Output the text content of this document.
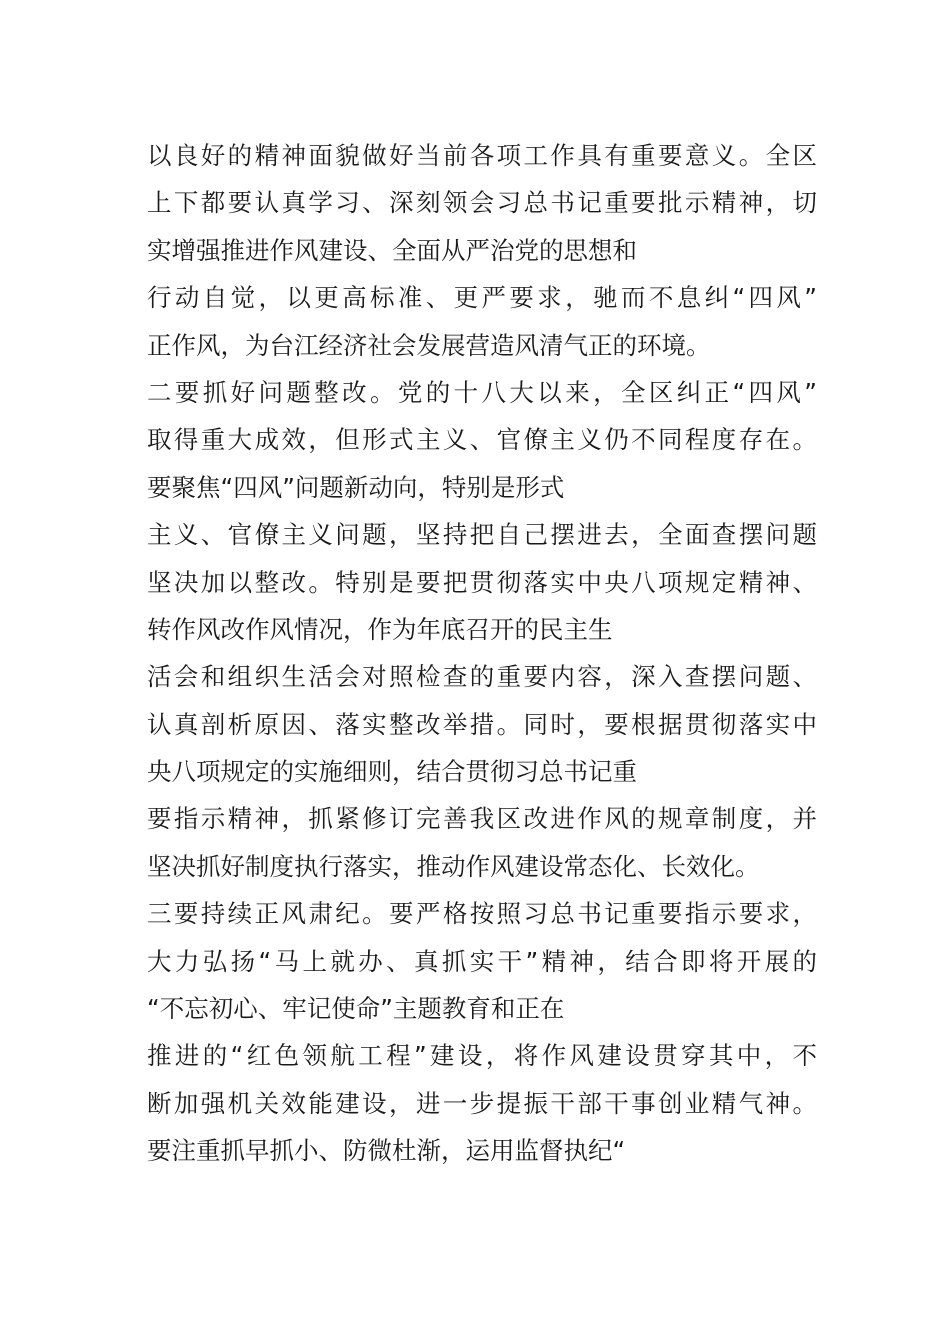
以良好的精神面貌做好当前各项工作具有重要意义。全区
上下都要认真学习、深刻领会习总书记重要批示精神，切
实增强推进作风建设、全面从严治党的思想和
行动自觉，以更高标准、更严要求，驰而不息纠“四风”
正作风，为台江经济社会发展营造风清气正的环境。
二要抓好问题整改。党的十八大以来，全区纠正“四风”
取得重大成效，但形式主义、官僚主义仍不同程度存在。
要聚焦“四风”问题新动向，特别是形式
主义、官僚主义问题，坚持把自己摆进去，全面查摆问题
坚决加以整改。特别是要把贯彻落实中央八项规定精神、
转作风改作风情况，作为年底召开的民主生
活会和组织生活会对照检查的重要内容，深入查摆问题、
认真剖析原因、落实整改举措。同时，要根据贯彻落实中
央八项规定的实施细则，结合贯彻习总书记重
要指示精神，抓紧修订完善我区改进作风的规章制度，并
坚决抓好制度执行落实，推动作风建设常态化、长效化。
三要持续正风肃纪。要严格按照习总书记重要指示要求，
大力弘扬“马上就办、真抓实干”精神，结合即将开展的
“不忘初心、牢记使命”主题教育和正在
推进的“红色领航工程”建设，将作风建设贯穿其中，不
断加强机关效能建设，进一步提振干部干事创业精气神。
要注重抓早抓小、防微杜渐，运用监督执纪“
